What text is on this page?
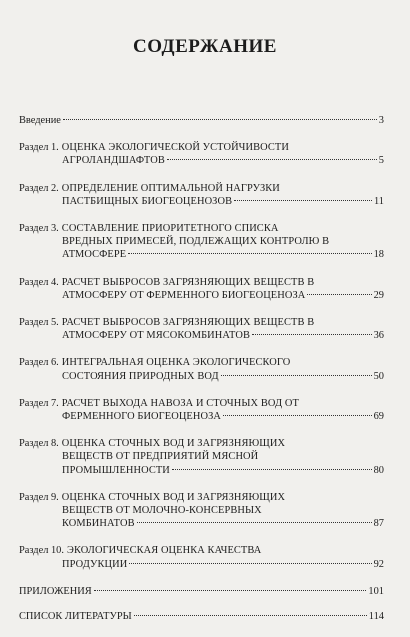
СОДЕРЖАНИЕ
Введение	3
Раздел 1. ОЦЕНКА ЭКОЛОГИЧЕСКОЙ УСТОЙЧИВОСТИ
АГРОЛАНДШАФТОВ	5
Раздел 2. ОПРЕДЕЛЕНИЕ ОПТИМАЛЬНОЙ НАГРУЗКИ
ПАСТБИЩНЫХ БИОГЕОЦЕНОЗОВ	11
Раздел 3. СОСТАВЛЕНИЕ ПРИОРИТЕТНОГО СПИСКА
ВРЕДНЫХ ПРИМЕСЕЙ, ПОДЛЕЖАЩИХ КОНТРОЛЮ В
АТМОСФЕРЕ	18
Раздел 4. РАСЧЕТ ВЫБРОСОВ ЗАГРЯЗНЯЮЩИХ ВЕЩЕСТВ В
АТМОСФЕРУ ОТ ФЕРМЕННОГО БИОГЕОЦЕНОЗА	29
Раздел 5. РАСЧЕТ ВЫБРОСОВ ЗАГРЯЗНЯЮЩИХ ВЕЩЕСТВ В
АТМОСФЕРУ ОТ МЯСОКОМБИНАТОВ	36
Раздел 6. ИНТЕГРАЛЬНАЯ ОЦЕНКА ЭКОЛОГИЧЕСКОГО
СОСТОЯНИЯ ПРИРОДНЫХ ВОД	50
Раздел 7. РАСЧЕТ ВЫХОДА НАВОЗА И СТОЧНЫХ ВОД ОТ
ФЕРМЕННОГО БИОГЕОЦЕНОЗА	69
Раздел 8. ОЦЕНКА СТОЧНЫХ ВОД И ЗАГРЯЗНЯЮЩИХ
ВЕЩЕСТВ ОТ ПРЕДПРИЯТИЙ МЯСНОЙ
ПРОМЫШЛЕННОСТИ	80
Раздел 9. ОЦЕНКА СТОЧНЫХ ВОД И ЗАГРЯЗНЯЮЩИХ
ВЕЩЕСТВ ОТ МОЛОЧНО-КОНСЕРВНЫХ
КОМБИНАТОВ	87
Раздел 10. ЭКОЛОГИЧЕСКАЯ ОЦЕНКА КАЧЕСТВА
ПРОДУКЦИИ	92
ПРИЛОЖЕНИЯ	101
СПИСОК ЛИТЕРАТУРЫ	114
